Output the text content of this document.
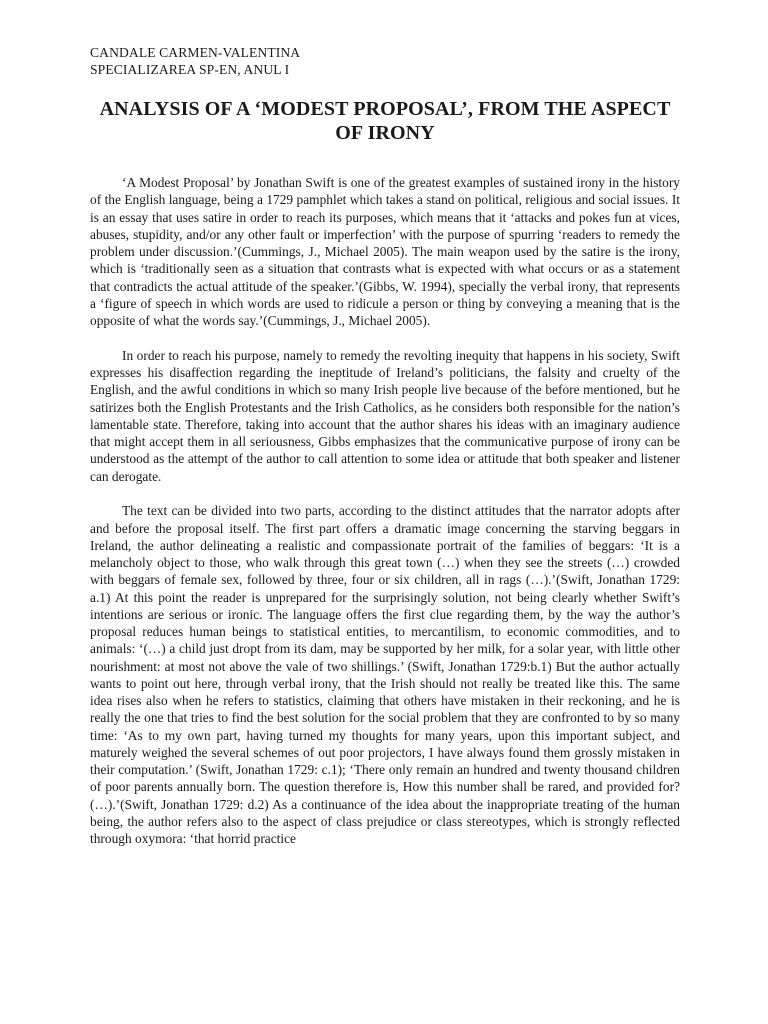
CANDALE CARMEN-VALENTINA

SPECIALIZAREA SP-EN, ANUL I

ANALYSIS OF A ‘MODEST PROPOSAL’, FROM THE ASPECT OF IRONY

‘A Modest Proposal’ by Jonathan Swift is one of the greatest examples of sustained irony in the history of the English language, being a 1729 pamphlet which takes a stand on political, religious and social issues. It is an essay that uses satire in order to reach its purposes, which means that it ‘attacks and pokes fun at vices, abuses, stupidity, and/or any other fault or imperfection’ with the purpose of spurring ‘readers to remedy the problem under discussion.’(Cummings, J., Michael 2005). The main weapon used by the satire is the irony, which is ‘traditionally seen as a situation that contrasts what is expected with what occurs or as a statement that contradicts the actual attitude of the speaker.’(Gibbs, W. 1994), specially the verbal irony, that represents a ‘figure of speech in which words are used to ridicule a person or thing by conveying a meaning that is the opposite of what the words say.’(Cummings, J., Michael 2005).

In order to reach his purpose, namely to remedy the revolting inequity that happens in his society, Swift expresses his disaffection regarding the ineptitude of Ireland’s politicians, the falsity and cruelty of the English, and the awful conditions in which so many Irish people live because of the before mentioned, but he satirizes both the English Protestants and the Irish Catholics, as he considers both responsible for the nation’s lamentable state. Therefore, taking into account that the author shares his ideas with an imaginary audience that might accept them in all seriousness, Gibbs emphasizes that the communicative purpose of irony can be understood as the attempt of the author to call attention to some idea or attitude that both speaker and listener can derogate.

The text can be divided into two parts, according to the distinct attitudes that the narrator adopts after and before the proposal itself. The first part offers a dramatic image concerning the starving beggars in Ireland, the author delineating a realistic and compassionate portrait of the families of beggars: ‘It is a melancholy object to those, who walk through this great town (…) when they see the streets (…) crowded with beggars of female sex, followed by three, four or six children, all in rags (…).’(Swift, Jonathan 1729: a.1) At this point the reader is unprepared for the surprisingly solution, not being clearly whether Swift’s intentions are serious or ironic. The language offers the first clue regarding them, by the way the author’s proposal reduces human beings to statistical entities, to mercantilism, to economic commodities, and to animals: ‘(…) a child just dropt from its dam, may be supported by her milk, for a solar year, with little other nourishment: at most not above the vale of two shillings.’ (Swift, Jonathan 1729:b.1) But the author actually wants to point out here, through verbal irony, that the Irish should not really be treated like this. The same idea rises also when he refers to statistics, claiming that others have mistaken in their reckoning, and he is really the one that tries to find the best solution for the social problem that they are confronted to by so many time: ‘As to my own part, having turned my thoughts for many years, upon this important subject, and maturely weighed the several schemes of out poor projectors, I have always found them grossly mistaken in their computation.’ (Swift, Jonathan 1729: c.1); ‘There only remain an hundred and twenty thousand children of poor parents annually born. The question therefore is, How this number shall be rared, and provided for? (…).’(Swift, Jonathan 1729: d.2) As a continuance of the idea about the inappropriate treating of the human being, the author refers also to the aspect of class prejudice or class stereotypes, which is strongly reflected through oxymora: ‘that horrid practice
